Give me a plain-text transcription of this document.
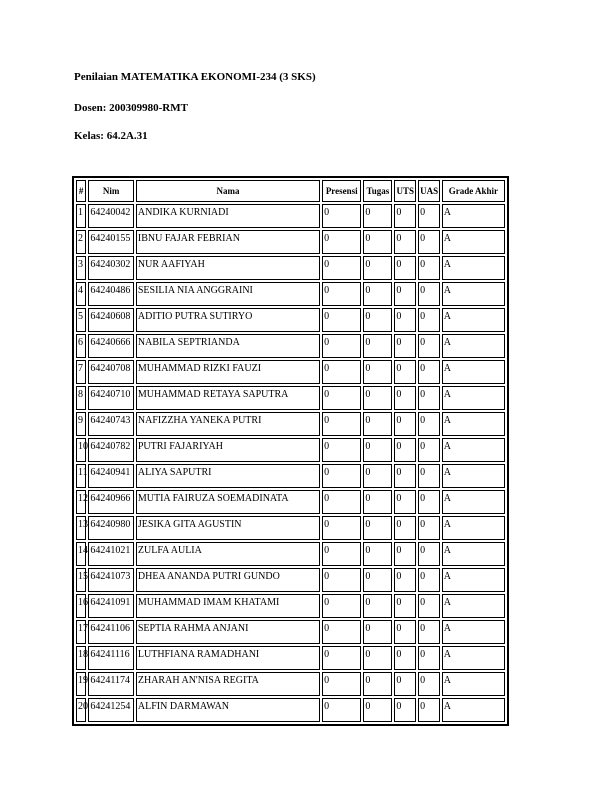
Penilaian MATEMATIKA EKONOMI-234 (3 SKS)
Dosen: 200309980-RMT
Kelas: 64.2A.31
#	Nim	Nama	Presensi	Tugas	UTS	UAS	Grade Akhir
1	64240042	ANDIKA KURNIADI	0	0	0	0	A
2	64240155	IBNU FAJAR FEBRIAN	0	0	0	0	A
3	64240302	NUR AAFIYAH	0	0	0	0	A
4	64240486	SESILIA NIA ANGGRAINI	0	0	0	0	A
5	64240608	ADITIO PUTRA SUTIRYO	0	0	0	0	A
6	64240666	NABILA SEPTRIANDA	0	0	0	0	A
7	64240708	MUHAMMAD RIZKI FAUZI	0	0	0	0	A
8	64240710	MUHAMMAD RETAYA SAPUTRA	0	0	0	0	A
9	64240743	NAFIZZHA YANEKA PUTRI	0	0	0	0	A
10	64240782	PUTRI FAJARIYAH	0	0	0	0	A
11	64240941	ALIYA SAPUTRI	0	0	0	0	A
12	64240966	MUTIA FAIRUZA SOEMADINATA	0	0	0	0	A
13	64240980	JESIKA GITA AGUSTIN	0	0	0	0	A
14	64241021	ZULFA AULIA	0	0	0	0	A
15	64241073	DHEA ANANDA PUTRI GUNDO	0	0	0	0	A
16	64241091	MUHAMMAD IMAM KHATAMI	0	0	0	0	A
17	64241106	SEPTIA RAHMA ANJANI	0	0	0	0	A
18	64241116	LUTHFIANA RAMADHANI	0	0	0	0	A
19	64241174	ZHARAH AN'NISA REGITA	0	0	0	0	A
20	64241254	ALFIN DARMAWAN	0	0	0	0	A
